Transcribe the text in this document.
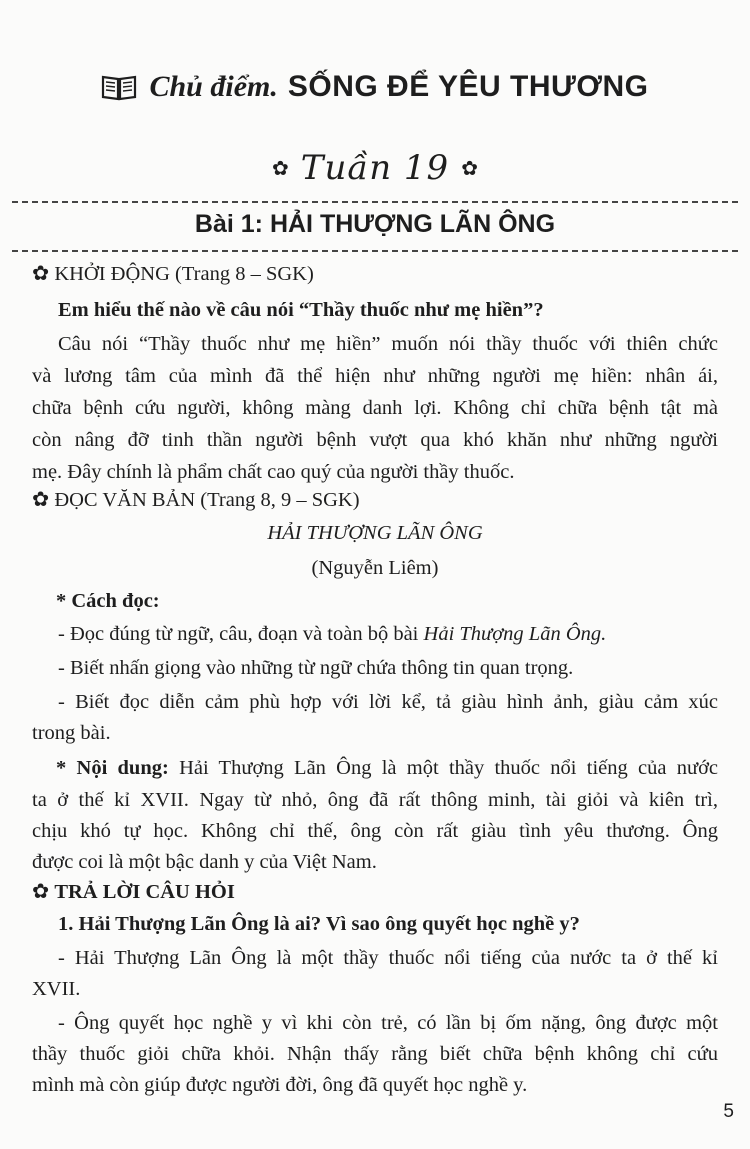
Chủ điểm. SỐNG ĐỂ YÊU THƯƠNG
✿ Tuần 19 ✿
Bài 1: HẢI THƯỢNG LÃN ÔNG
✿ KHỞI ĐỘNG (Trang 8 – SGK)
Em hiểu thế nào về câu nói “Thầy thuốc như mẹ hiền”?
Câu nói “Thầy thuốc như mẹ hiền” muốn nói thầy thuốc với thiên chức
và lương tâm của mình đã thể hiện như những người mẹ hiền: nhân ái,
chữa bệnh cứu người, không màng danh lợi. Không chỉ chữa bệnh tật mà
còn nâng đỡ tinh thần người bệnh vượt qua khó khăn như những người
mẹ. Đây chính là phẩm chất cao quý của người thầy thuốc.
✿ ĐỌC VĂN BẢN (Trang 8, 9 – SGK)
HẢI THƯỢNG LÃN ÔNG
(Nguyễn Liêm)
* Cách đọc:
- Đọc đúng từ ngữ, câu, đoạn và toàn bộ bài Hải Thượng Lãn Ông.
- Biết nhấn giọng vào những từ ngữ chứa thông tin quan trọng.
- Biết đọc diễn cảm phù hợp với lời kể, tả giàu hình ảnh, giàu cảm xúc
trong bài.
* Nội dung: Hải Thượng Lãn Ông là một thầy thuốc nổi tiếng của nước
ta ở thế kỉ XVII. Ngay từ nhỏ, ông đã rất thông minh, tài giỏi và kiên trì,
chịu khó tự học. Không chỉ thế, ông còn rất giàu tình yêu thương. Ông
được coi là một bậc danh y của Việt Nam.
✿ TRẢ LỜI CÂU HỎI
1. Hải Thượng Lãn Ông là ai? Vì sao ông quyết học nghề y?
- Hải Thượng Lãn Ông là một thầy thuốc nổi tiếng của nước ta ở thế kỉ
XVII.
- Ông quyết học nghề y vì khi còn trẻ, có lần bị ốm nặng, ông được một
thầy thuốc giỏi chữa khỏi. Nhận thấy rằng biết chữa bệnh không chỉ cứu
mình mà còn giúp được người đời, ông đã quyết học nghề y.
5
